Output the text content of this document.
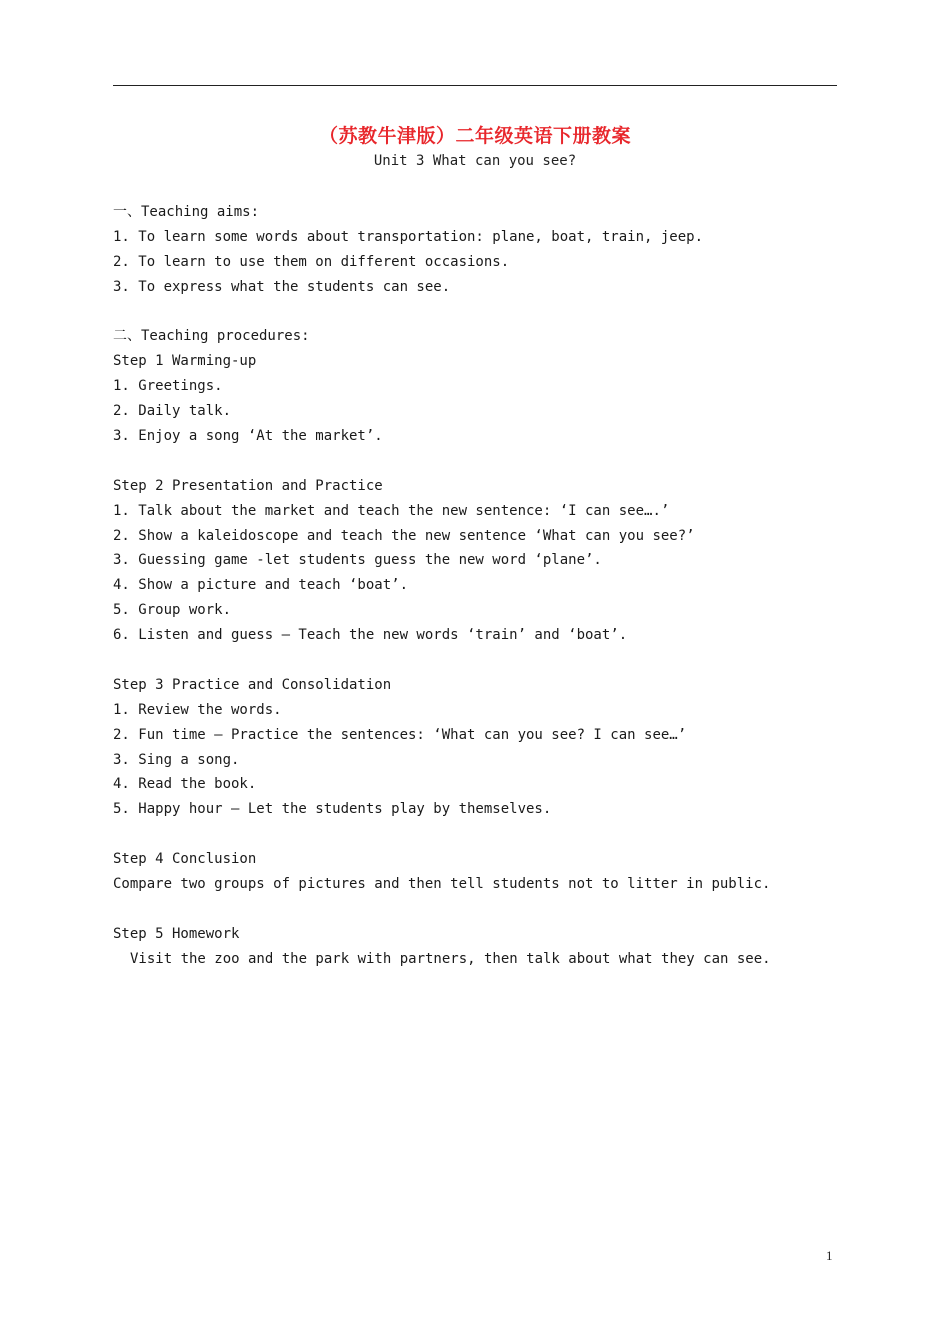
（苏教牛津版）二年级英语下册教案
Unit 3 What can you see?
一、Teaching aims:
1. To learn some words about transportation: plane, boat, train, jeep.
2. To learn to use them on different occasions.
3. To express what the students can see.
二、Teaching procedures:
Step 1 Warming-up
1. Greetings.
2. Daily talk.
3. Enjoy a song ‘At the market’.
Step 2 Presentation and Practice
1. Talk about the market and teach the new sentence: ‘I can see….’
2. Show a kaleidoscope and teach the new sentence ‘What can you see?’
3. Guessing game -let students guess the new word ‘plane’.
4. Show a picture and teach ‘boat’.
5. Group work.
6. Listen and guess – Teach the new words ‘train’ and ‘boat’.
Step 3 Practice and Consolidation
1. Review the words.
2. Fun time – Practice the sentences: ‘What can you see? I can see…’
3. Sing a song.
4. Read the book.
5. Happy hour – Let the students play by themselves.
Step 4 Conclusion
Compare two groups of pictures and then tell students not to litter in public.
Step 5 Homework
Visit the zoo and the park with partners, then talk about what they can see.
1
